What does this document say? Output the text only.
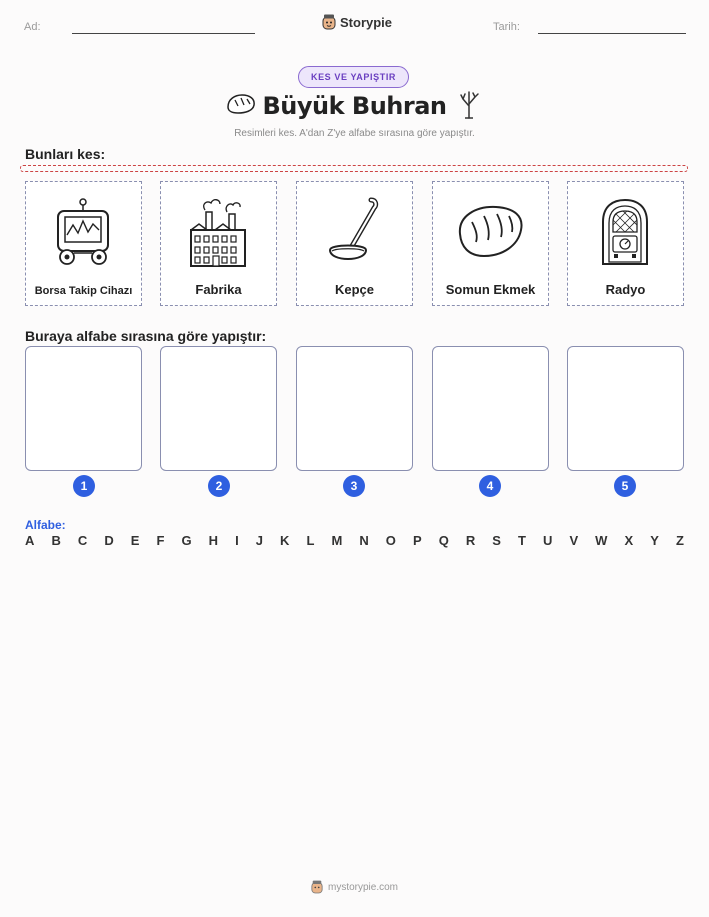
Ad:	Storypie	Tarih:
KES VE YAPIŞTIR
Büyük Buhran
Resimleri kes. A'dan Z'ye alfabe sırasına göre yapıştır.
Bunları kes:
Borsa Takip Cihazı	Fabrika	Kepçe	Somun Ekmek	Radyo
Buraya alfabe sırasına göre yapıştır:
1	2	3	4	5
Alfabe:
A B C D E F G H I J K L M N O P Q R S T U V W X Y Z
mystorypie.com
